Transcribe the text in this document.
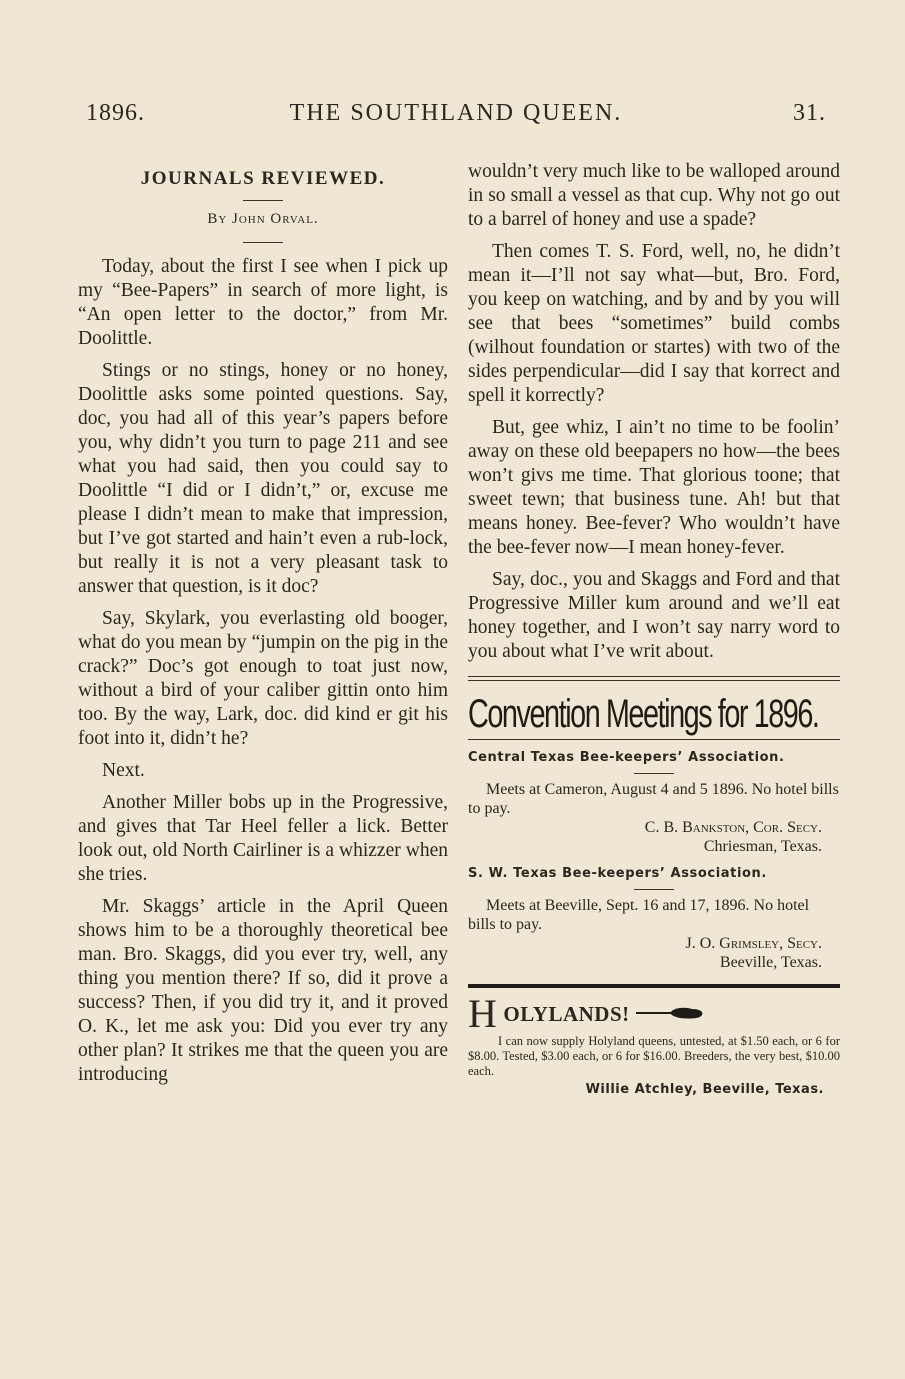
1896.	THE SOUTHLAND QUEEN.	31.
JOURNALS REVIEWED.
By John Orval.

Today, about the first I see when I pick up my “Bee-Papers” in search of more light, is “An open letter to the doctor,” from Mr. Doolittle.

Stings or no stings, honey or no honey, Doolittle asks some pointed questions. Say, doc, you had all of this year’s papers before you, why didn’t you turn to page 211 and see what you had said, then you could say to Doolittle “I did or I didn’t,” or, excuse me please I didn’t mean to make that impression, but I’ve got started and hain’t even a rub-lock, but really it is not a very pleasant task to answer that question, is it doc?

Say, Skylark, you everlasting old booger, what do you mean by “jumpin on the pig in the crack?” Doc’s got enough to toat just now, without a bird of your caliber gittin onto him too. By the way, Lark, doc. did kind er git his foot into it, didn’t he?

Next.

Another Miller bobs up in the Progressive, and gives that Tar Heel feller a lick. Better look out, old North Cairliner is a whizzer when she tries.

Mr. Skaggs’ article in the April Queen shows him to be a thoroughly theoretical bee man. Bro. Skaggs, did you ever try, well, any thing you mention there? If so, did it prove a success? Then, if you did try it, and it proved O. K., let me ask you: Did you ever try any other plan? It strikes me that the queen you are introducing

wouldn’t very much like to be walloped around in so small a vessel as that cup. Why not go out to a barrel of honey and use a spade?

Then comes T. S. Ford, well, no, he didn’t mean it—I’ll not say what—but, Bro. Ford, you keep on watching, and by and by you will see that bees “sometimes” build combs (wilhout foundation or startes) with two of the sides perpendicular—did I say that korrect and spell it korrectly?

But, gee whiz, I ain’t no time to be foolin’ away on these old beepapers no how—the bees won’t givs me time. That glorious toone; that sweet tewn; that business tune. Ah! but that means honey. Bee-fever? Who wouldn’t have the bee-fever now—I mean honey-fever.

Say, doc., you and Skaggs and Ford and that Progressive Miller kum around and we’ll eat honey together, and I won’t say narry word to you about what I’ve writ about.

Convention Meetings for 1896.
Central Texas Bee-keepers’ Association.
Meets at Cameron, August 4 and 5 1896. No hotel bills to pay.
C. B. Bankston, Cor. Secy.
Chriesman, Texas.
S. W. Texas Bee-keepers’ Association.
Meets at Beeville, Sept. 16 and 17, 1896. No hotel bills to pay.
J. O. Grimsley, Secy.
Beeville, Texas.
H OLYLANDS!
I can now supply Holyland queens, untested, at $1.50 each, or 6 for $8.00. Tested, $3.00 each, or 6 for $16.00. Breeders, the very best, $10.00 each.
Willie Atchley, Beeville, Texas.
